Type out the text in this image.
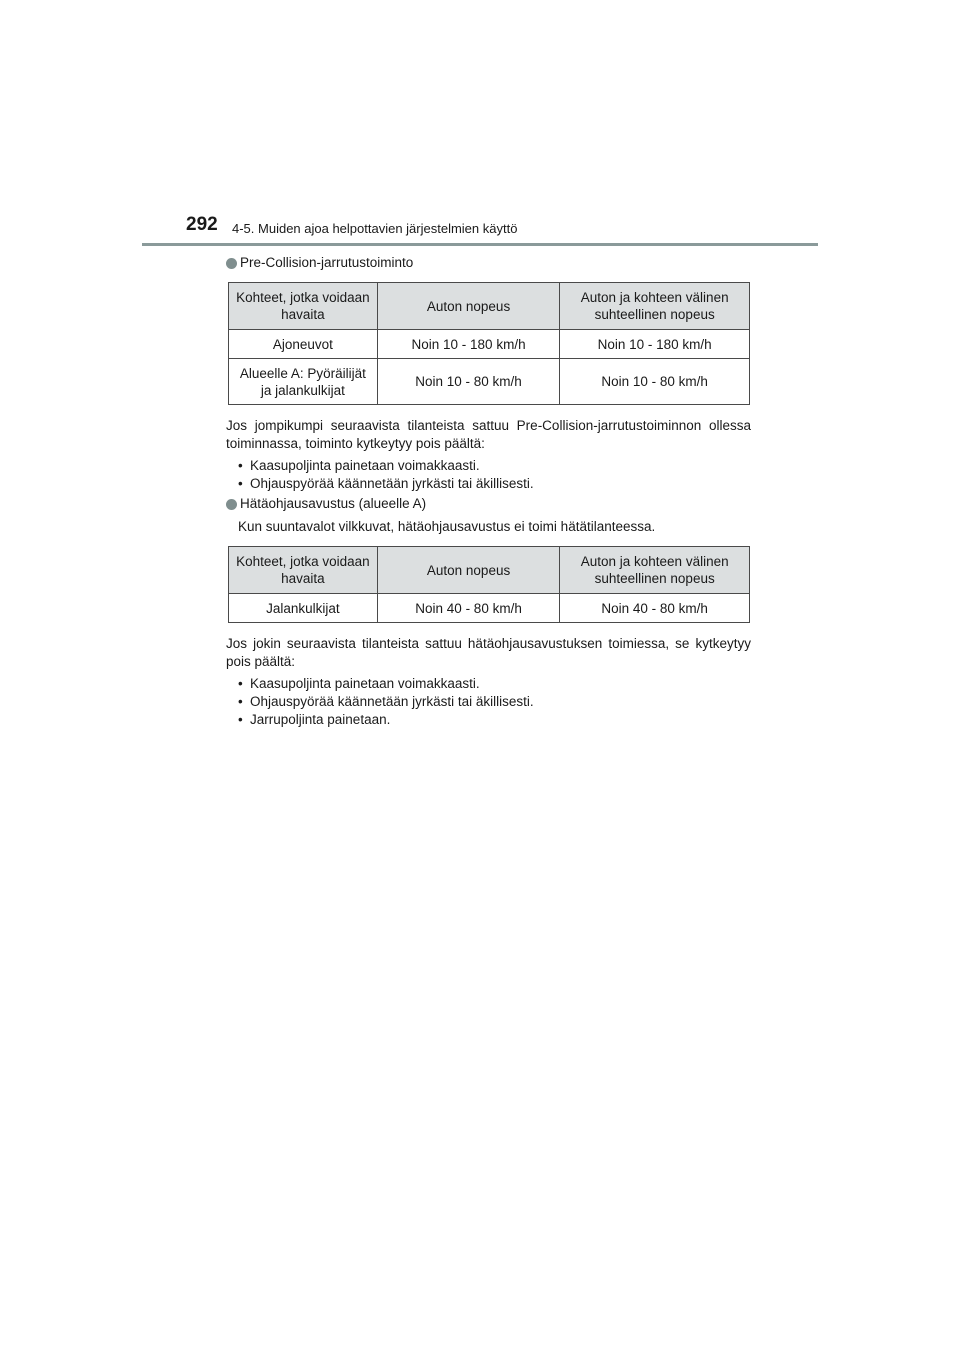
292 4-5. Muiden ajoa helpottavien järjestelmien käyttö
Pre-Collision-jarrutustoiminto
Kohteet, jotka voidaan havaita	Auton nopeus	Auton ja kohteen välinen suhteellinen nopeus
Ajoneuvot	Noin 10 - 180 km/h	Noin 10 - 180 km/h
Alueelle A: Pyöräilijät ja jalankulkijat	Noin 10 - 80 km/h	Noin 10 - 80 km/h

Jos jompikumpi seuraavista tilanteista sattuu Pre-Collision-jarrutustoiminnon ollessa toiminnassa, toiminto kytkeytyy pois päältä:

• Kaasupoljinta painetaan voimakkaasti.
• Ohjauspyörää käännetään jyrkästi tai äkillisesti.
Hätäohjausavustus (alueelle A)

Kun suuntavalot vilkkuvat, hätäohjausavustus ei toimi hätätilanteessa.

Kohteet, jotka voidaan havaita	Auton nopeus	Auton ja kohteen välinen suhteellinen nopeus
Jalankulkijat	Noin 40 - 80 km/h	Noin 40 - 80 km/h

Jos jokin seuraavista tilanteista sattuu hätäohjausavustuksen toimiessa, se kytkeytyy pois päältä:

• Kaasupoljinta painetaan voimakkaasti.
• Ohjauspyörää käännetään jyrkästi tai äkillisesti.
• Jarrupoljinta painetaan.
